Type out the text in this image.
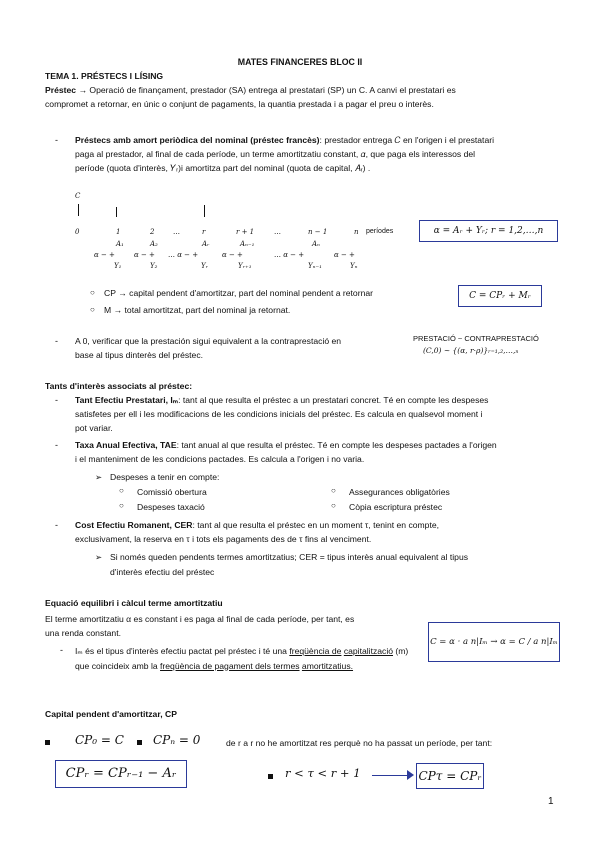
MATES FINANCERES BLOC II
TEMA 1. PRÉSTECS I LÍSING
Préstec → Operació de finançament, prestador (SA) entrega al prestatari (SP) un C. A canvi el prestatari es
compromet a retornar, en únic o conjunt de pagaments, la quantia prestada i a pagar el preu o interès.
- Préstecs amb amort periòdica del nominal (préstec francès): prestador entrega 𝐶 en l'origen i el prestatari
paga al prestador, al final de cada període, un terme amortitzatiu constant, 𝛼, que paga els interessos del
període (quota d'interès, 𝑌ᵣ)i amortitza part del nominal (quota de capital, 𝐴ᵣ) .
C
0	1	2	…	r	r + 1	…	n − 1	n períodes
A₁	A₂	Aᵣ	Aₙ₋₁	Aₙ
α − +	α − + … α − +	α − +	… α − +	α − +
Y₁	Y₂	Yᵣ	Yᵣ₊₁	Yₙ₋₁	Yₙ
α = Aᵣ + Yᵣ; r = 1,2,…,n
○ CP → capital pendent d'amortitzar, part del nominal pendent a retornar
○ M → total amortitzat, part del nominal ja retornat.
C = CPᵣ + Mᵣ
- A 0, verificar que la prestación sigui equivalent a la contraprestació en
base al tipus dinterès del préstec.
PRESTACIÓ ~ CONTRAPRESTACIÓ
(C,0) ~ {(α, r·ρ)}ᵣ₌₁,₂,…,ₙ
Tants d'interès associats al préstec:
- Tant Efectiu Prestatari, Iₘ: tant al que resulta el préstec a un prestatari concret. Té en compte les despeses
satisfetes per ell i les modificacions de les condicions inicials del préstec. Es calcula en qualsevol moment i
pot variar.
- Taxa Anual Efectiva, TAE: tant anual al que resulta el préstec. Té en compte les despeses pactades a l'origen
i el manteniment de les condicions pactades. Es calcula a l'origen i no varia.
➢ Despeses a tenir en compte:
○ Comissió obertura	○ Assegurances obligatòries
○ Despeses taxació	○ Còpia escriptura préstec
- Cost Efectiu Romanent, CER: tant al que resulta el préstec en un moment τ, tenint en compte,
exclusivament, la reserva en τ i tots els pagaments des de τ fins al venciment.
➢ Si només queden pendents termes amortitzatius; CER = tipus interès anual equivalent al tipus
d'interès efectiu del préstec
Equació equilibri i càlcul terme amortitzatiu
El terme amortitzatiu α es constant i es paga al final de cada període, per tant, es
una renda constant.
- Iₘ és el tipus d'interès efectiu pactat pel préstec i té una freqüència de capitalització (m) que coincideix amb la freqüència de pagament dels termes amortitzatius.
C = α · a n|Iₘ → α = C / a n|Iₘ
Capital pendent d'amortitzar, CP
CP₀ = C CPₙ = 0	de r a r no he amortitzat res perquè no ha passat un període, per tant:
CPᵣ = CPᵣ₋₁ − Aᵣ	r < τ < r + 1	CPτ = CPᵣ
1
